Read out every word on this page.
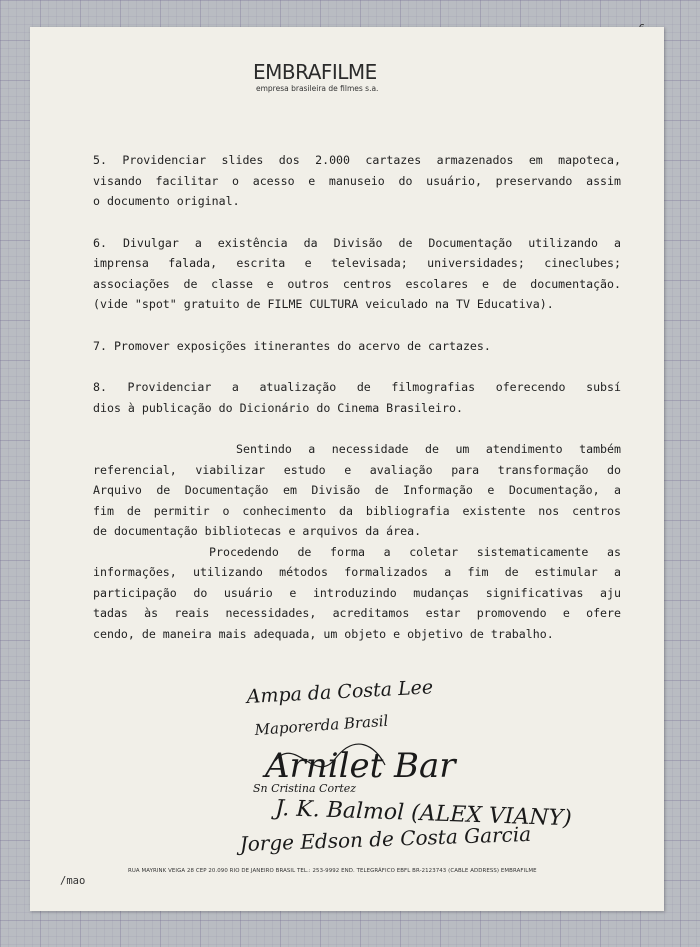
EMBRAFILME
empresa brasileira de filmes s.a.

5. Providenciar slides dos 2.000 cartazes armazenados em mapoteca,

visando facilitar o acesso e manuseio do usuário, preservando assim

o documento original.

6. Divulgar a existência da Divisão de Documentação utilizando a

imprensa falada, escrita e televisada; universidades; cineclubes;

associações de classe e outros centros escolares e de documentação.

(vide "spot" gratuito de FILME CULTURA veiculado na TV Educativa).

7. Promover exposições itinerantes do acervo de cartazes.

8. Providenciar a atualização de filmografias oferecendo subsí

dios à publicação do Dicionário do Cinema Brasileiro.

Sentindo a necessidade de um atendimento também

referencial, viabilizar estudo e avaliação para transformação do

Arquivo de Documentação em Divisão de Informação e Documentação, a

fim de permitir o conhecimento da bibliografia existente nos centros

de documentação bibliotecas e arquivos da área.

Procedendo de forma a coletar sistematicamente as

informações, utilizando métodos formalizados a fim de estimular a

participação do usuário e introduzindo mudanças significativas aju

tadas às reais necessidades, acreditamos estar promovendo e ofere

cendo, de maneira mais adequada, um objeto e objetivo de trabalho.

Ampa da Costa Lee
Maporerda Brasil
Arnilet Bar
Sn Cristina Cortez
J. K. Balmol (ALEX VIANY)
Jorge Edson de Costa Garcia
/mao
RUA MAYRINK VEIGA 28 CEP 20.090 RIO DE JANEIRO BRASIL TEL.: 253-9992 END. TELEGRÁFICO EBFL BR-2123743 (CABLE ADDRESS) EMBRAFILME
